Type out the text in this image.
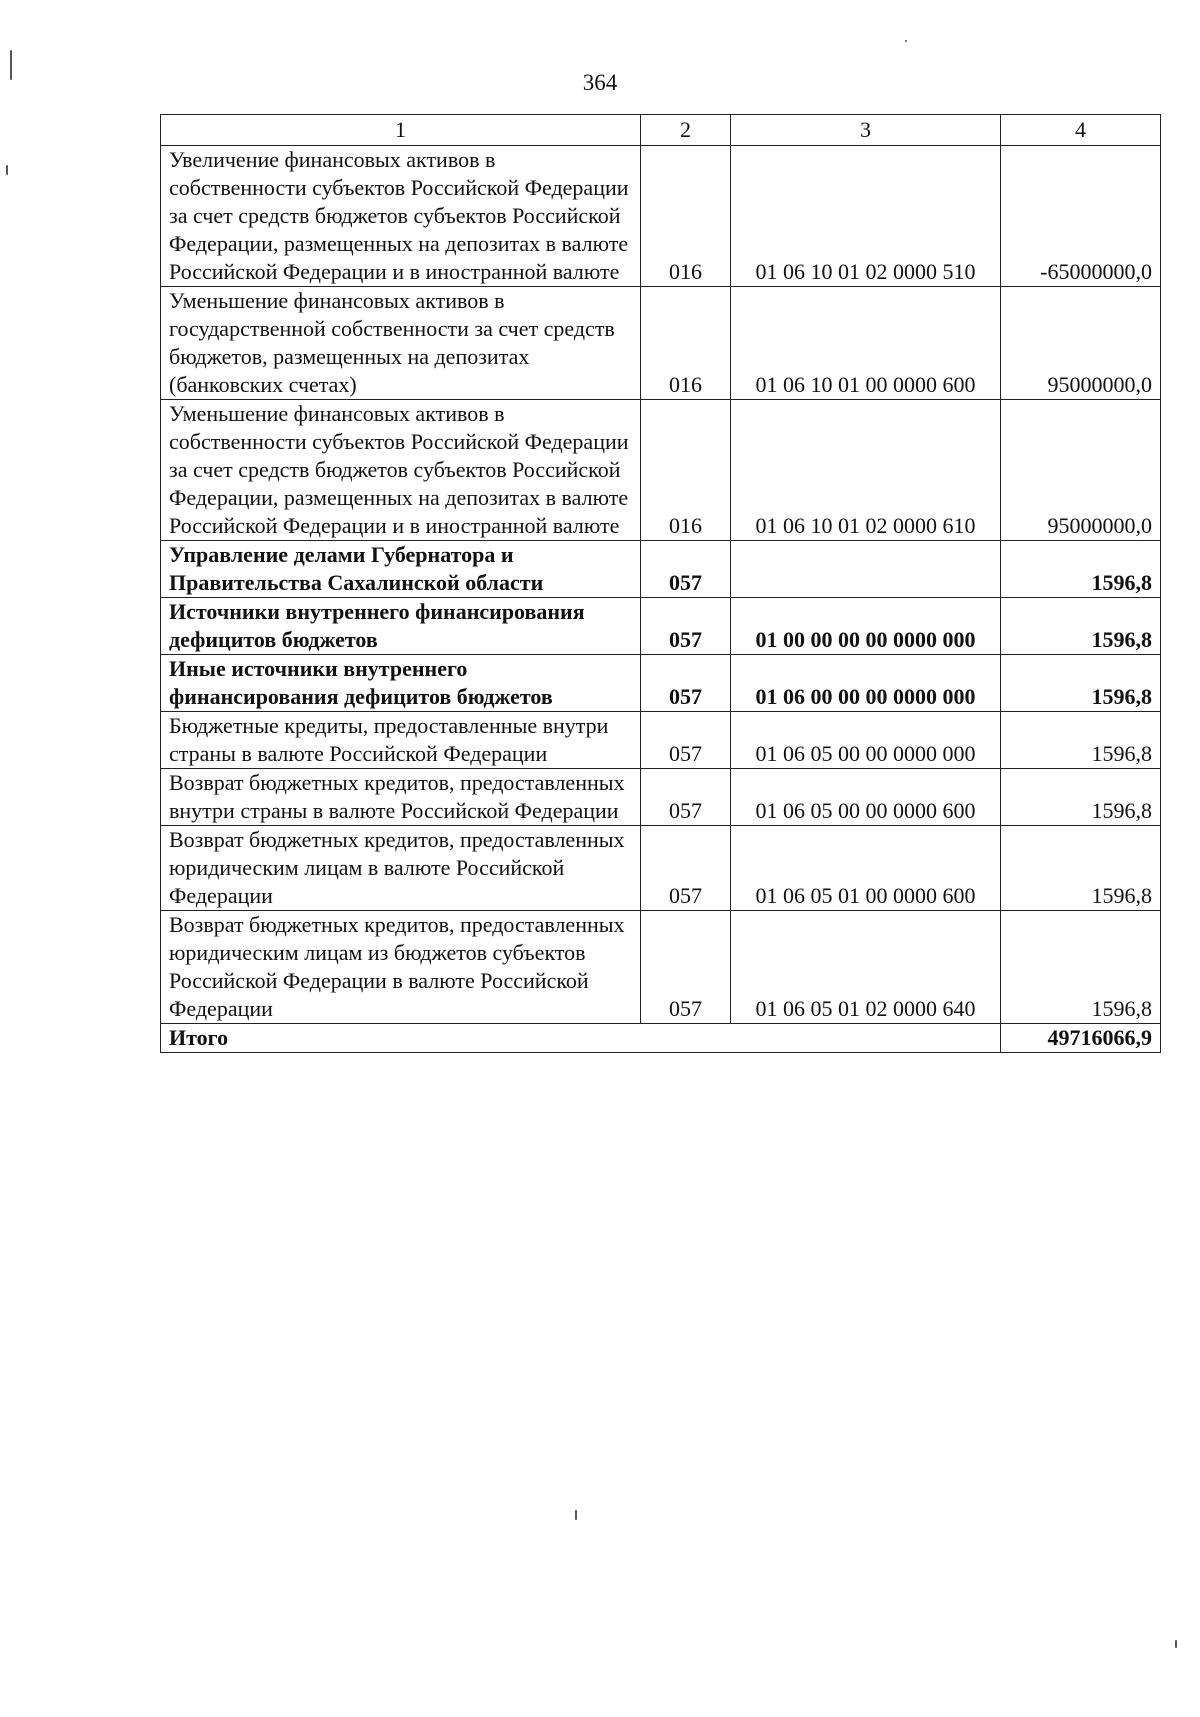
364
1	2	3	4
Увеличение финансовых активов в собственности субъектов Российской Федерации за счет средств бюджетов субъектов Российской Федерации, размещенных на депозитах в валюте Российской Федерации и в иностранной валюте	016	01 06 10 01 02 0000 510	-65000000,0
Уменьшение финансовых активов в государственной собственности за счет средств бюджетов, размещенных на депозитах (банковских счетах)	016	01 06 10 01 00 0000 600	95000000,0
Уменьшение финансовых активов в собственности субъектов Российской Федерации за счет средств бюджетов субъектов Российской Федерации, размещенных на депозитах в валюте Российской Федерации и в иностранной валюте	016	01 06 10 01 02 0000 610	95000000,0
Управление делами Губернатора и Правительства Сахалинской области	057		1596,8
Источники внутреннего финансирования дефицитов бюджетов	057	01 00 00 00 00 0000 000	1596,8
Иные источники внутреннего финансирования дефицитов бюджетов	057	01 06 00 00 00 0000 000	1596,8
Бюджетные кредиты, предоставленные внутри страны в валюте Российской Федерации	057	01 06 05 00 00 0000 000	1596,8
Возврат бюджетных кредитов, предоставленных внутри страны в валюте Российской Федерации	057	01 06 05 00 00 0000 600	1596,8
Возврат бюджетных кредитов, предоставленных юридическим лицам в валюте Российской Федерации	057	01 06 05 01 00 0000 600	1596,8
Возврат бюджетных кредитов, предоставленных юридическим лицам из бюджетов субъектов Российской Федерации в валюте Российской Федерации	057	01 06 05 01 02 0000 640	1596,8
Итого			49716066,9
